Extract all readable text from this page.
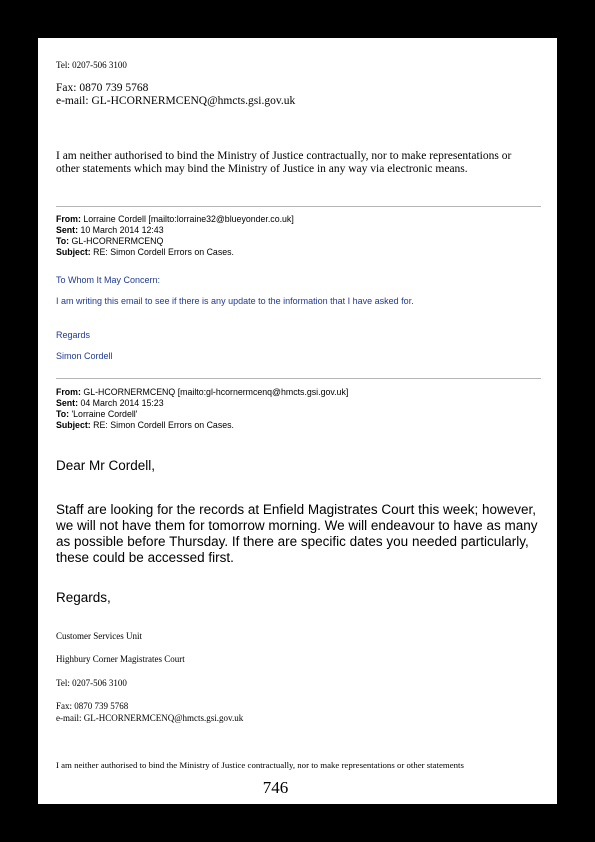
Tel: 0207-506 3100
Fax: 0870 739 5768
e-mail: GL-HCORNERMCENQ@hmcts.gsi.gov.uk
I am neither authorised to bind the Ministry of Justice contractually, nor to make representations or
other statements which may bind the Ministry of Justice in any way via electronic means.
From: Lorraine Cordell [mailto:lorraine32@blueyonder.co.uk]
Sent: 10 March 2014 12:43
To: GL-HCORNERMCENQ
Subject: RE: Simon Cordell Errors on Cases.
To Whom It May Concern:
I am writing this email to see if there is any update to the information that I have asked for.
Regards
Simon Cordell
From: GL-HCORNERMCENQ [mailto:gl-hcornermcenq@hmcts.gsi.gov.uk]
Sent: 04 March 2014 15:23
To: 'Lorraine Cordell'
Subject: RE: Simon Cordell Errors on Cases.
Dear Mr Cordell,
Staff are looking for the records at Enfield Magistrates Court this week; however,
we will not have them for tomorrow morning. We will endeavour to have as many
as possible before Thursday. If there are specific dates you needed particularly,
these could be accessed first.
Regards,
Customer Services Unit
Highbury Corner Magistrates Court
Tel: 0207-506 3100
Fax: 0870 739 5768
e-mail: GL-HCORNERMCENQ@hmcts.gsi.gov.uk
I am neither authorised to bind the Ministry of Justice contractually, nor to make representations or other statements
746
